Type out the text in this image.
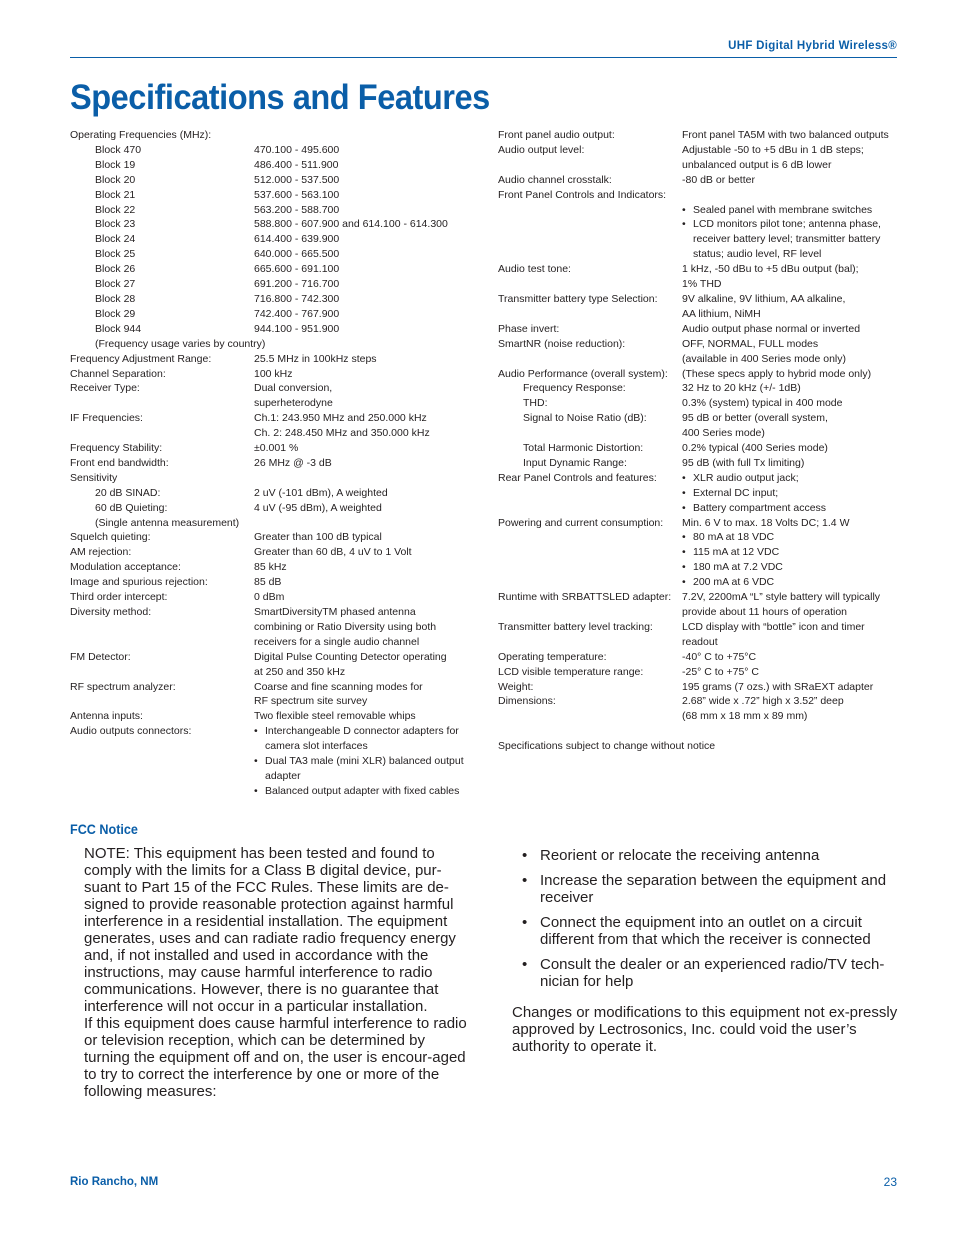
UHF Digital Hybrid Wireless®
Specifications and Features
Operating Frequencies (MHz):
Block 470	470.100 - 495.600
Block 19	486.400 - 511.900
Block 20	512.000 - 537.500
Block 21	537.600 - 563.100
Block 22	563.200 - 588.700
Block 23	588.800 - 607.900 and 614.100 - 614.300
Block 24	614.400 - 639.900
Block 25	640.000 - 665.500
Block 26	665.600 - 691.100
Block 27	691.200 - 716.700
Block 28	716.800 - 742.300
Block 29	742.400 - 767.900
Block 944	944.100 - 951.900
(Frequency usage varies by country)
Frequency Adjustment Range:	25.5 MHz in 100kHz steps
Channel Separation:	100 kHz
Receiver Type:	Dual conversion,
superheterodyne
IF Frequencies:	Ch.1: 243.950 MHz and 250.000 kHz
Ch. 2: 248.450 MHz and 350.000 kHz
Frequency Stability:	±0.001 %
Front end bandwidth:	26 MHz @ -3 dB
Sensitivity
20 dB SINAD:	2 uV (-101 dBm), A weighted
60 dB Quieting:	4 uV (-95 dBm), A weighted
(Single antenna measurement)
Squelch quieting:	Greater than 100 dB typical
AM rejection:	Greater than 60 dB, 4 uV to 1 Volt
Modulation acceptance:	85 kHz
Image and spurious rejection:	85 dB
Third order intercept:	0 dBm
Diversity method:	SmartDiversityTM phased antenna
combining or Ratio Diversity using both
receivers for a single audio channel
FM Detector:	Digital Pulse Counting Detector operating
at 250 and 350 kHz
RF spectrum analyzer:	Coarse and fine scanning modes for
RF spectrum site survey
Antenna inputs:	Two flexible steel removable whips
Audio outputs connectors:	• Interchangeable D connector adapters for camera slot interfaces
• Dual TA3 male (mini XLR) balanced output adapter
• Balanced output adapter with fixed cables
Front panel audio output:	Front panel TA5M with two balanced outputs
Audio output level:	Adjustable -50 to +5 dBu in 1 dB steps;
unbalanced output is 6 dB lower
Audio channel crosstalk:	-80 dB or better
Front Panel Controls and Indicators:
• Sealed panel with membrane switches
• LCD monitors pilot tone; antenna phase, receiver battery level; transmitter battery status; audio level, RF level
Audio test tone:	1 kHz, -50 dBu to +5 dBu output (bal);
1% THD
Transmitter battery type Selection:	9V alkaline, 9V lithium, AA alkaline,
AA lithium, NiMH
Phase invert:	Audio output phase normal or inverted
SmartNR (noise reduction):	OFF, NORMAL, FULL modes
(available in 400 Series mode only)
Audio Performance (overall system):	(These specs apply to hybrid mode only)
Frequency Response:	32 Hz to 20 kHz (+/- 1dB)
THD:	0.3% (system) typical in 400 mode
Signal to Noise Ratio (dB):	95 dB or better (overall system,
400 Series mode)
Total Harmonic Distortion:	0.2% typical (400 Series mode)
Input Dynamic Range:	95 dB (with full Tx limiting)
Rear Panel Controls and features:	• XLR audio output jack;
• External DC input;
• Battery compartment access
Powering and current consumption:	Min. 6 V to max. 18 Volts DC; 1.4 W
• 80 mA at 18 VDC
• 115 mA at 12 VDC
• 180 mA at 7.2 VDC
• 200 mA at 6 VDC
Runtime with SRBATTSLED adapter:	7.2V, 2200mA “L” style battery will typically
provide about 11 hours of operation
Transmitter battery level tracking:	LCD display with “bottle” icon and timer
readout
Operating temperature:	-40° C to +75°C
LCD visible temperature range:	-25° C to +75° C
Weight:	195 grams (7 ozs.) with SRaEXT adapter
Dimensions:	2.68” wide x .72” high x 3.52” deep
(68 mm x 18 mm x 89 mm)
Specifications subject to change without notice
FCC Notice
NOTE: This equipment has been tested and found to comply with the limits for a Class B digital device, pur-suant to Part 15 of the FCC Rules. These limits are de-signed to provide reasonable protection against harmful interference in a residential installation. The equipment generates, uses and can radiate radio frequency energy and, if not installed and used in accordance with the instructions, may cause harmful interference to radio communications. However, there is no guarantee that interference will not occur in a particular installation.
If this equipment does cause harmful interference to radio or television reception, which can be determined by turning the equipment off and on, the user is encour-aged to try to correct the interference by one or more of the following measures:
• Reorient or relocate the receiving antenna
• Increase the separation between the equipment and receiver
• Connect the equipment into an outlet on a circuit different from that which the receiver is connected
• Consult the dealer or an experienced radio/TV tech-nician for help
Changes or modifications to this equipment not ex-pressly approved by Lectrosonics, Inc. could void the user’s authority to operate it.
Rio Rancho, NM	23
